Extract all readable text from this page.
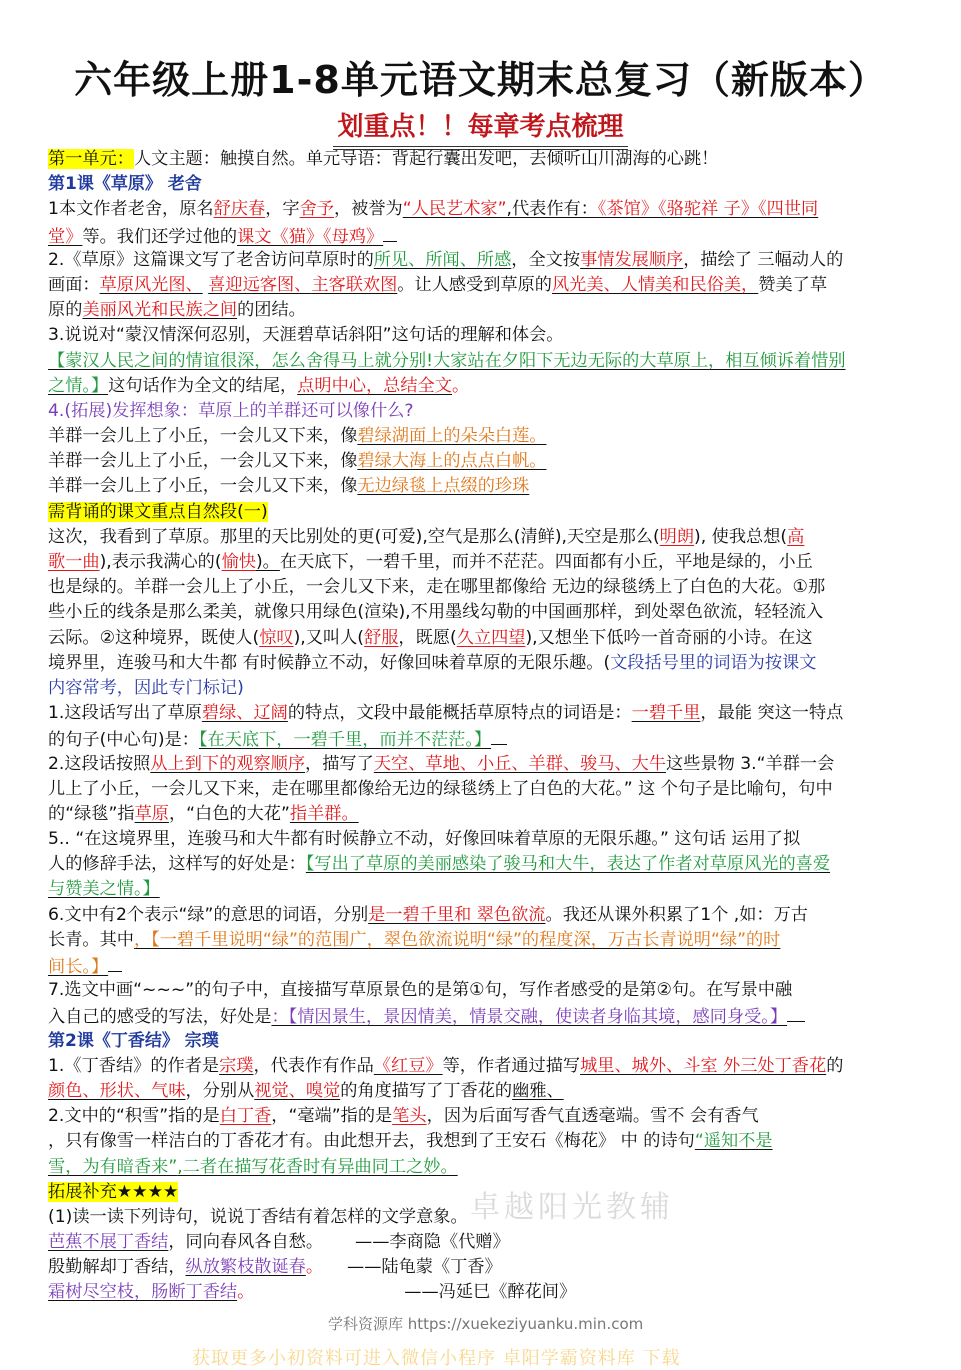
六年级上册1-8单元语文期末总复习（新版本）
划重点！！每章考点梳理
第一单元：人文主题：触摸自然。单元导语：背起行囊出发吧，去倾听山川湖海的心跳！
第1课《草原》 老舍
1本文作者老舍，原名舒庆春，字舍予，被誉为“人民艺术家”,代表作有：《茶馆》《骆驼祥 子》《四世同
堂》等。我们还学过他的课文《猫》《母鸡》
2.《草原》这篇课文写了老舍访问草原时的所见、所闻、所感，全文按事情发展顺序，描绘了 三幅动人的
画面：草原风光图、 喜迎远客图、主客联欢图。让人感受到草原的风光美、人情美和民俗美，赞美了草
原的美丽风光和民族之间的团结。
3.说说对“蒙汉情深何忍别，天涯碧草话斜阳”这句话的理解和体会。
【蒙汉人民之间的情谊很深，怎么舍得马上就分别!大家站在夕阳下无边无际的大草原上，相互倾诉着惜别
之情。】这句话作为全文的结尾，点明中心，总结全文。
4.(拓展)发挥想象：草原上的羊群还可以像什么?
羊群一会儿上了小丘，一会儿又下来，像碧绿湖面上的朵朵白莲。
羊群一会儿上了小丘，一会儿又下来，像碧绿大海上的点点白帆。
羊群一会儿上了小丘，一会儿又下来，像无边绿毯上点缀的珍珠
需背诵的课文重点自然段(一)
这次，我看到了草原。那里的天比别处的更(可爱),空气是那么(清鲜),天空是那么(明朗), 使我总想(高
歌一曲),表示我满心的(愉快)。在天底下，一碧千里，而并不茫茫。四面都有小丘，平地是绿的，小丘
也是绿的。羊群一会儿上了小丘，一会儿又下来，走在哪里都像给 无边的绿毯绣上了白色的大花。①那
些小丘的线条是那么柔美，就像只用绿色(渲染),不用墨线勾勒的中国画那样，到处翠色欲流，轻轻流入
云际。②这种境界，既使人(惊叹),又叫人(舒服，既愿(久立四望),又想坐下低吟一首奇丽的小诗。在这
境界里，连骏马和大牛都 有时候静立不动，好像回味着草原的无限乐趣。(文段括号里的词语为按课文
内容常考，因此专门标记)
1.这段话写出了草原碧绿、辽阔的特点，文段中最能概括草原特点的词语是：一碧千里，最能 突这一特点
的句子(中心句)是：【在天底下，一碧千里，而并不茫茫。】
2.这段话按照从上到下的观察顺序，描写了天空、草地、小丘、羊群、骏马、大牛这些景物 3.“羊群一会
儿上了小丘，一会儿又下来，走在哪里都像给无边的绿毯绣上了白色的大花。” 这 个句子是比喻句，句中
的“绿毯”指草原，“白色的大花”指羊群。
5.. “在这境界里，连骏马和大牛都有时候静立不动，好像回味着草原的无限乐趣。” 这句话 运用了拟
人的修辞手法，这样写的好处是：【写出了草原的美丽感染了骏马和大牛，表达了作者对草原风光的喜爱
与赞美之情。】
6.文中有2个表示“绿”的意思的词语，分别是一碧千里和 翠色欲流。我还从课外积累了1个 ,如：万古
长青。其中，【一碧千里说明“绿”的范围广，翠色欲流说明“绿”的程度深，万古长青说明“绿”的时
间长。】
7.选文中画“~~~”的句子中，直接描写草原景色的是第①句，写作者感受的是第②句。在写景中融
入自己的感受的写法，好处是：【情因景生，景因情美，情景交融，使读者身临其境，感同身受。】
第2课《丁香结》 宗璞
1.《丁香结》的作者是宗璞，代表作有作品《红豆》等，作者通过描写城里、城外、斗室 外三处丁香花的
颜色、形状、气味，分别从视觉、嗅觉的角度描写了丁香花的幽雅、
2.文中的“积雪”指的是白丁香，“毫端”指的是笔头，因为后面写香气直透毫端。雪不 会有香气
，只有像雪一样洁白的丁香花才有。由此想开去，我想到了王安石《梅花》 中 的诗句“遥知不是
雪，为有暗香来”,二者在描写花香时有异曲同工之妙。
拓展补充★★★★
(1)读一读下列诗句，说说丁香结有着怎样的文学意象。
芭蕉不展丁香结，同向春风各自愁。 ——李商隐《代赠》
殷勤解却丁香结，纵放繁枝散诞春。 ——陆龟蒙《丁香》
霜树尽空枝，肠断丁香结。	——冯延巳《醉花间》
卓越阳光教辅
学科资源库 https://xuekeziyuanku.min.com
获取更多小初资料可进入微信小程序 卓阳学霸资料库 下载
